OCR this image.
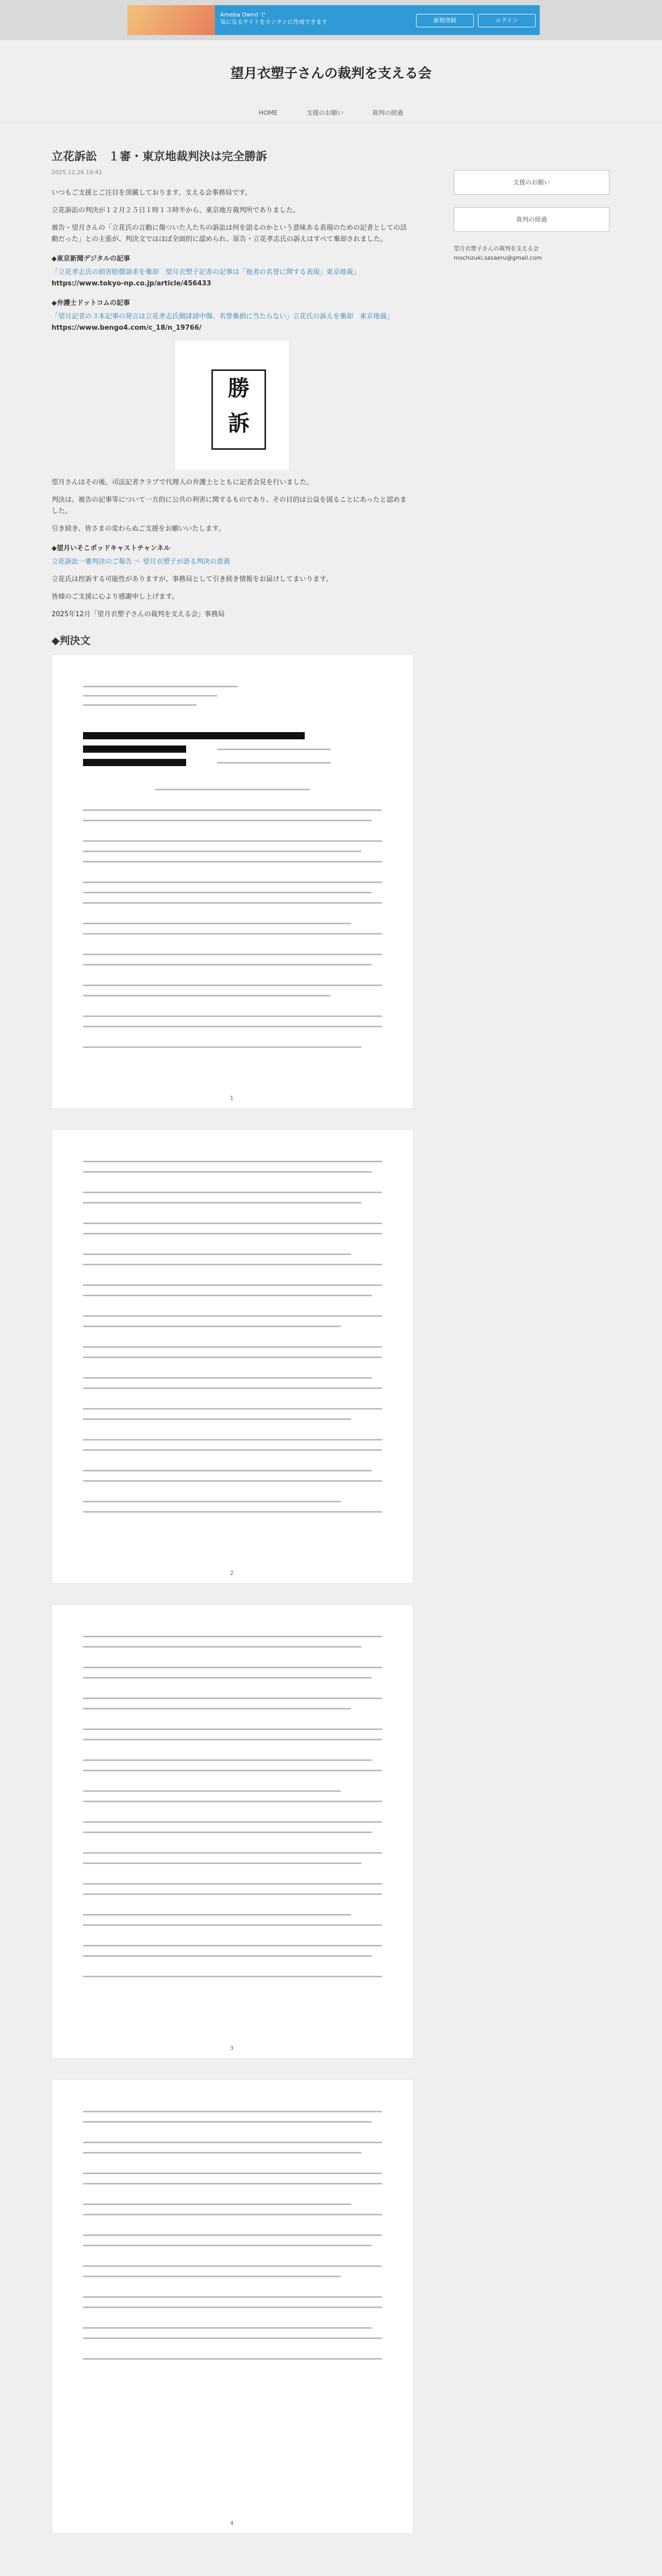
Ameba Ownd で
気になるサイトをカンタンに作成できます	新規登録	ログイン
望月衣塑子さんの裁判を支える会
HOME	支援のお願い	裁判の経過
立花訴訟　１審・東京地裁判決は完全勝訴
2025.12.26 19:41

いつもご支援とご注目を頂戴しております、支える会事務局です。

立花訴訟の判決が１２月２５日１時１３時半から、東京地方裁判所でありました。

被告・望月さんの「立花氏の言動に傷ついた人たちの訴訟は何を語るのかという意味ある表現のための記者としての活動だった」との主張が、判決文ではほぼ全面的に認められ、原告・立花孝志氏の訴えはすべて棄却されました。

◆東京新聞デジタルの記事
「立花孝志氏の損害賠償請求を棄却　望月衣塑子記者の記事は「他者の名誉に関する表現」東京地裁」
https://www.tokyo-np.co.jp/article/456433
◆弁護士ドットコムの記事
「望月記者の３本記事の発言は立花孝志氏側誹謗中傷、名誉棄損に当たらない」立花氏の訴えを棄却　東京地裁」
https://www.bengo4.com/c_18/n_19766/
勝
訴

望月さんはその後、司法記者クラブで代理人の弁護士とともに記者会見を行いました。

判決は、被告の記事等について一方的に公共の利害に関するものであり、その目的は公益を図ることにあったと認めました。

引き続き、皆さまの変わらぬご支援をお願いいたします。

◆望月いそこポッドキャストチャンネル
立花訴訟一審判決のご報告 ～ 望月衣塑子が語る判決の意義

立花氏は控訴する可能性がありますが、事務局として引き続き情報をお届けしてまいります。

皆様のご支援に心より感謝申し上げます。

2025年12月「望月衣塑子さんの裁判を支える会」事務局

◆判決文
1
2
3
4
支援のお願い
裁判の経過
望月衣塑子さんの裁判を支える会
mochizuki.sasaeru@gmail.com
